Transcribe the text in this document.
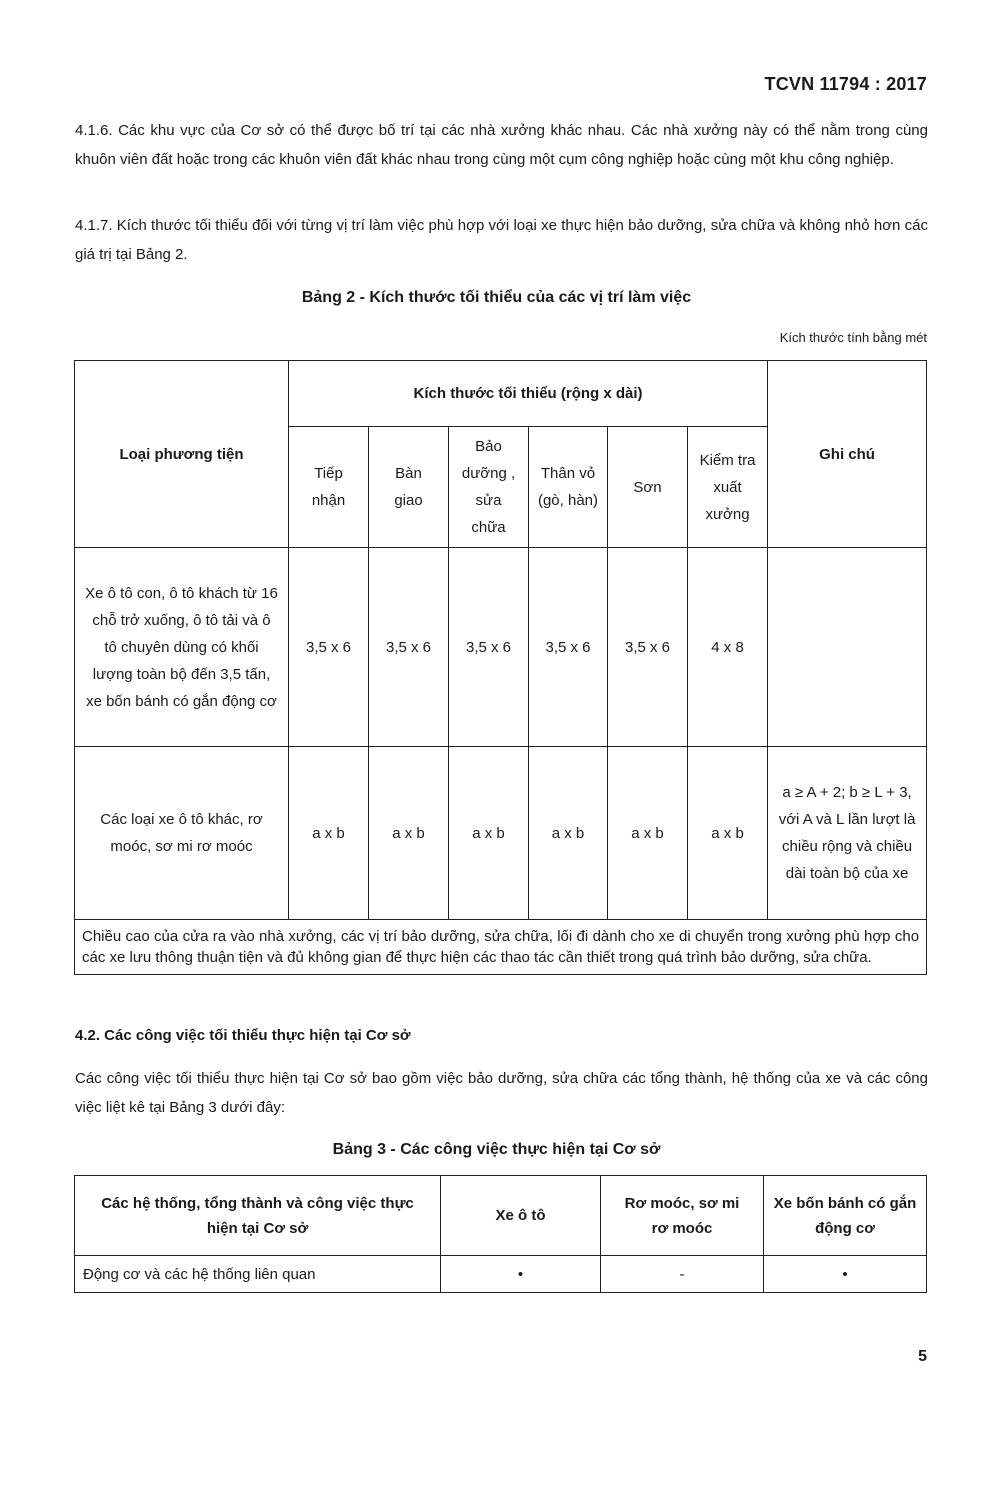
TCVN 11794 : 2017

4.1.6. Các khu vực của Cơ sở có thể được bố trí tại các nhà xưởng khác nhau. Các nhà xưởng này có thể nằm trong cùng khuôn viên đất hoặc trong các khuôn viên đất khác nhau trong cùng một cụm công nghiệp hoặc cùng một khu công nghiệp.

4.1.7. Kích thước tối thiểu đối với từng vị trí làm việc phù hợp với loại xe thực hiện bảo dưỡng, sửa chữa và không nhỏ hơn các giá trị tại Bảng 2.

Bảng 2 - Kích thước tối thiểu của các vị trí làm việc
Kích thước tính bằng mét
Loại phương tiện	Kích thước tối thiểu (rộng x dài)						Ghi chú
	Tiếp nhận	Bàn giao	Bảo dưỡng , sửa chữa	Thân vỏ (gò, hàn)	Sơn	Kiểm tra xuất xưởng	
Xe ô tô con, ô tô khách từ 16 chỗ trở xuống, ô tô tải và ô tô chuyên dùng có khối lượng toàn bộ đến 3,5 tấn, xe bốn bánh có gắn động cơ	3,5 x 6	3,5 x 6	3,5 x 6	3,5 x 6	3,5 x 6	4 x 8	
Các loại xe ô tô khác, rơ moóc, sơ mi rơ moóc	a x b	a x b	a x b	a x b	a x b	a x b	a ≥ A + 2; b ≥ L + 3, với A và L lần lượt là chiều rộng và chiều dài toàn bộ của xe
Chiều cao của cửa ra vào nhà xưởng, các vị trí bảo dưỡng, sửa chữa, lối đi dành cho xe di chuyển trong xưởng phù hợp cho các xe lưu thông thuận tiện và đủ không gian để thực hiện các thao tác cần thiết trong quá trình bảo dưỡng, sửa chữa.							
4.2. Các công việc tối thiểu thực hiện tại Cơ sở

Các công việc tối thiểu thực hiện tại Cơ sở bao gồm việc bảo dưỡng, sửa chữa các tổng thành, hệ thống của xe và các công việc liệt kê tại Bảng 3 dưới đây:

Bảng 3 - Các công việc thực hiện tại Cơ sở
Các hệ thống, tổng thành và công việc thực hiện tại Cơ sở	Xe ô tô	Rơ moóc, sơ mi rơ moóc	Xe bốn bánh có gắn động cơ
Động cơ và các hệ thống liên quan	•	-	•
5
